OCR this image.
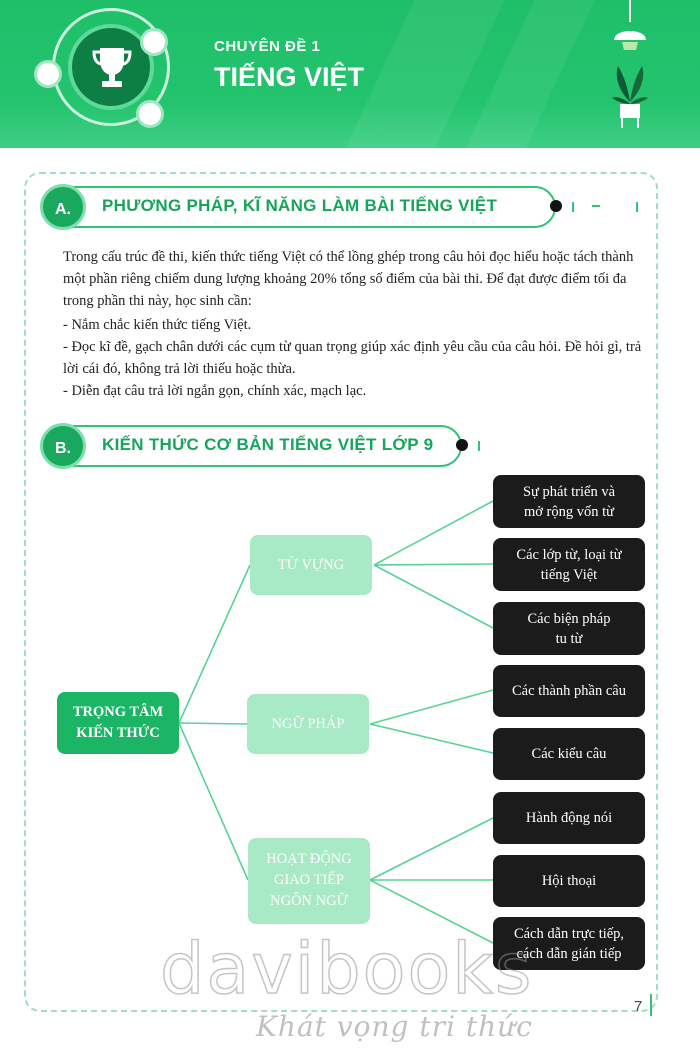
CHUYÊN ĐỀ 1
TIẾNG VIỆT
A.	PHƯƠNG PHÁP, KĨ NĂNG LÀM BÀI TIẾNG VIỆT
Trong cấu trúc đề thi, kiến thức tiếng Việt có thể lồng ghép trong câu hỏi đọc hiểu hoặc tách thành một phần riêng chiếm dung lượng khoảng 20% tổng số điểm của bài thi. Để đạt được điểm tối đa trong phần thi này, học sinh cần:
- Nắm chắc kiến thức tiếng Việt.
- Đọc kĩ đề, gạch chân dưới các cụm từ quan trọng giúp xác định yêu cầu của câu hỏi. Đề hỏi gì, trả lời cái đó, không trả lời thiếu hoặc thừa.
- Diễn đạt câu trả lời ngắn gọn, chính xác, mạch lạc.
B.	KIẾN THỨC CƠ BẢN TIẾNG VIỆT LỚP 9
TRỌNG TÂM
KIẾN THỨC
TỪ VỰNG
NGỮ PHÁP
HOẠT ĐỘNG
GIAO TIẾP
NGÔN NGỮ
Sự phát triển và
mở rộng vốn từ
Các lớp từ, loại từ
tiếng Việt
Các biện pháp
tu từ
Các thành phần câu
Các kiểu câu
Hành động nói
Hội thoại
Cách dẫn trực tiếp,
cách dẫn gián tiếp
davibooks
Khát vọng tri thức
7
